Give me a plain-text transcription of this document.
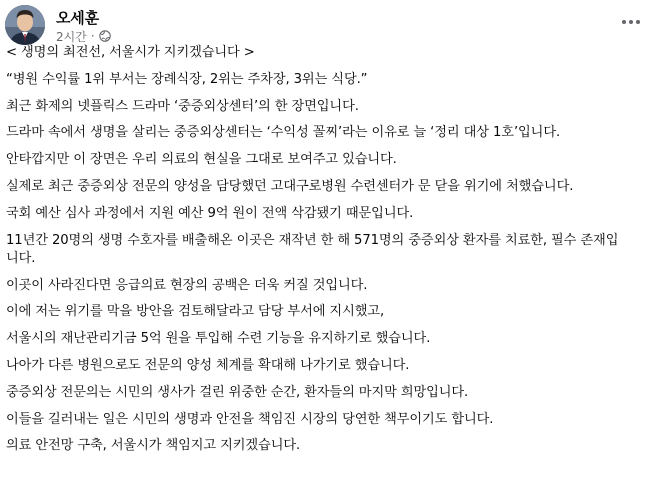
오세훈
2시간 ·

< 생명의 최전선, 서울시가 지키겠습니다 >

“병원 수익률 1위 부서는 장례식장, 2위는 주차장, 3위는 식당.”

최근 화제의 넷플릭스 드라마 ‘중증외상센터’의 한 장면입니다.

드라마 속에서 생명을 살리는 중증외상센터는 ‘수익성 꼴찌’라는 이유로 늘 ‘정리 대상 1호’입니다.

안타깝지만 이 장면은 우리 의료의 현실을 그대로 보여주고 있습니다.

실제로 최근 중증외상 전문의 양성을 담당했던 고대구로병원 수련센터가 문 닫을 위기에 처했습니다.

국회 예산 심사 과정에서 지원 예산 9억 원이 전액 삭감됐기 때문입니다.

11년간 20명의 생명 수호자를 배출해온 이곳은 재작년 한 해 571명의 중증외상 환자를 치료한, 필수 존재입니다.

이곳이 사라진다면 응급의료 현장의 공백은 더욱 커질 것입니다.

이에 저는 위기를 막을 방안을 검토해달라고 담당 부서에 지시했고,

서울시의 재난관리기금 5억 원을 투입해 수련 기능을 유지하기로 했습니다.

나아가 다른 병원으로도 전문의 양성 체계를 확대해 나가기로 했습니다.

중증외상 전문의는 시민의 생사가 걸린 위중한 순간, 환자들의 마지막 희망입니다.

이들을 길러내는 일은 시민의 생명과 안전을 책임진 시장의 당연한 책무이기도 합니다.

의료 안전망 구축, 서울시가 책임지고 지키겠습니다.
